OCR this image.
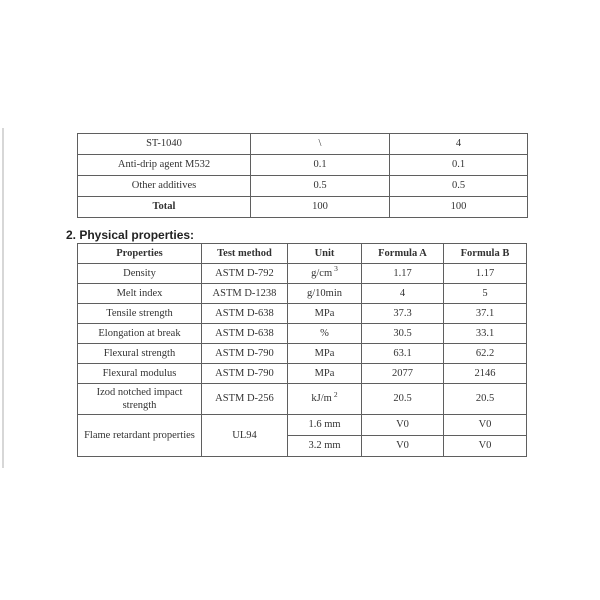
ST-1040	\	4
Anti-drip agent M532	0.1	0.1
Other additives	0.5	0.5
Total	100	100
2. Physical properties:
Properties	Test method	Unit	Formula A	Formula B
Density	ASTM D-792	g/cm $^3$	1.17	1.17
Melt index	ASTM D-1238	g/10min	4	5
Tensile strength	ASTM D-638	MPa	37.3	37.1
Elongation at break	ASTM D-638	%	30.5	33.1
Flexural strength	ASTM D-790	MPa	63.1	62.2
Flexural modulus	ASTM D-790	MPa	2077	2146
Izod notched impact strength	ASTM D-256	kJ/m $^2$	20.5	20.5
Flame retardant properties	UL94	1.6 mm	V0	V0
		3.2 mm	V0	V0
